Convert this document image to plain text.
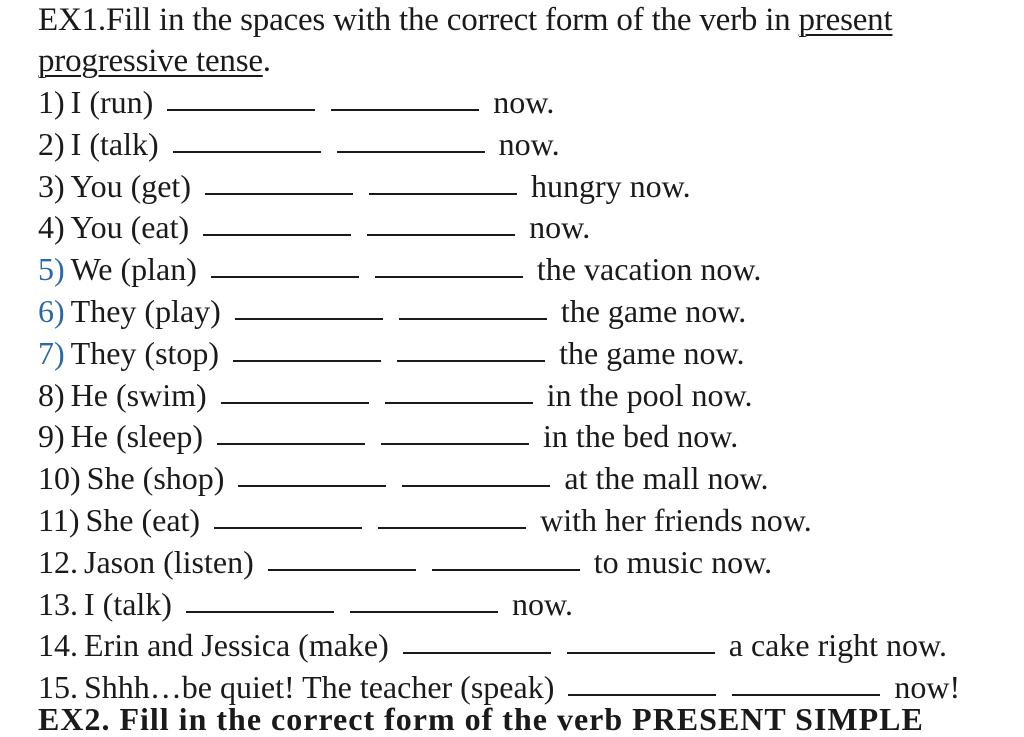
EX1.Fill in the spaces with the correct form of the verb in present
progressive tense.

1) I (run)	now.
2) I (talk)	now.
3) You (get)	hungry now.
4) You (eat)	now.
5) We (plan)	the vacation now.
6) They (play)	the game now.
7) They (stop)	the game now.
8) He (swim)	in the pool now.
9) He (sleep)	in the bed now.
10) She (shop)	at the mall now.
11) She (eat)	with her friends now.
12. Jason (listen)	to music now.
13. I (talk)	now.
14. Erin and Jessica (make)	a cake right now.
15. Shhh…be quiet! The teacher (speak)	now!
EX2. Fill in the correct form of the verb PRESENT SIMPLE
